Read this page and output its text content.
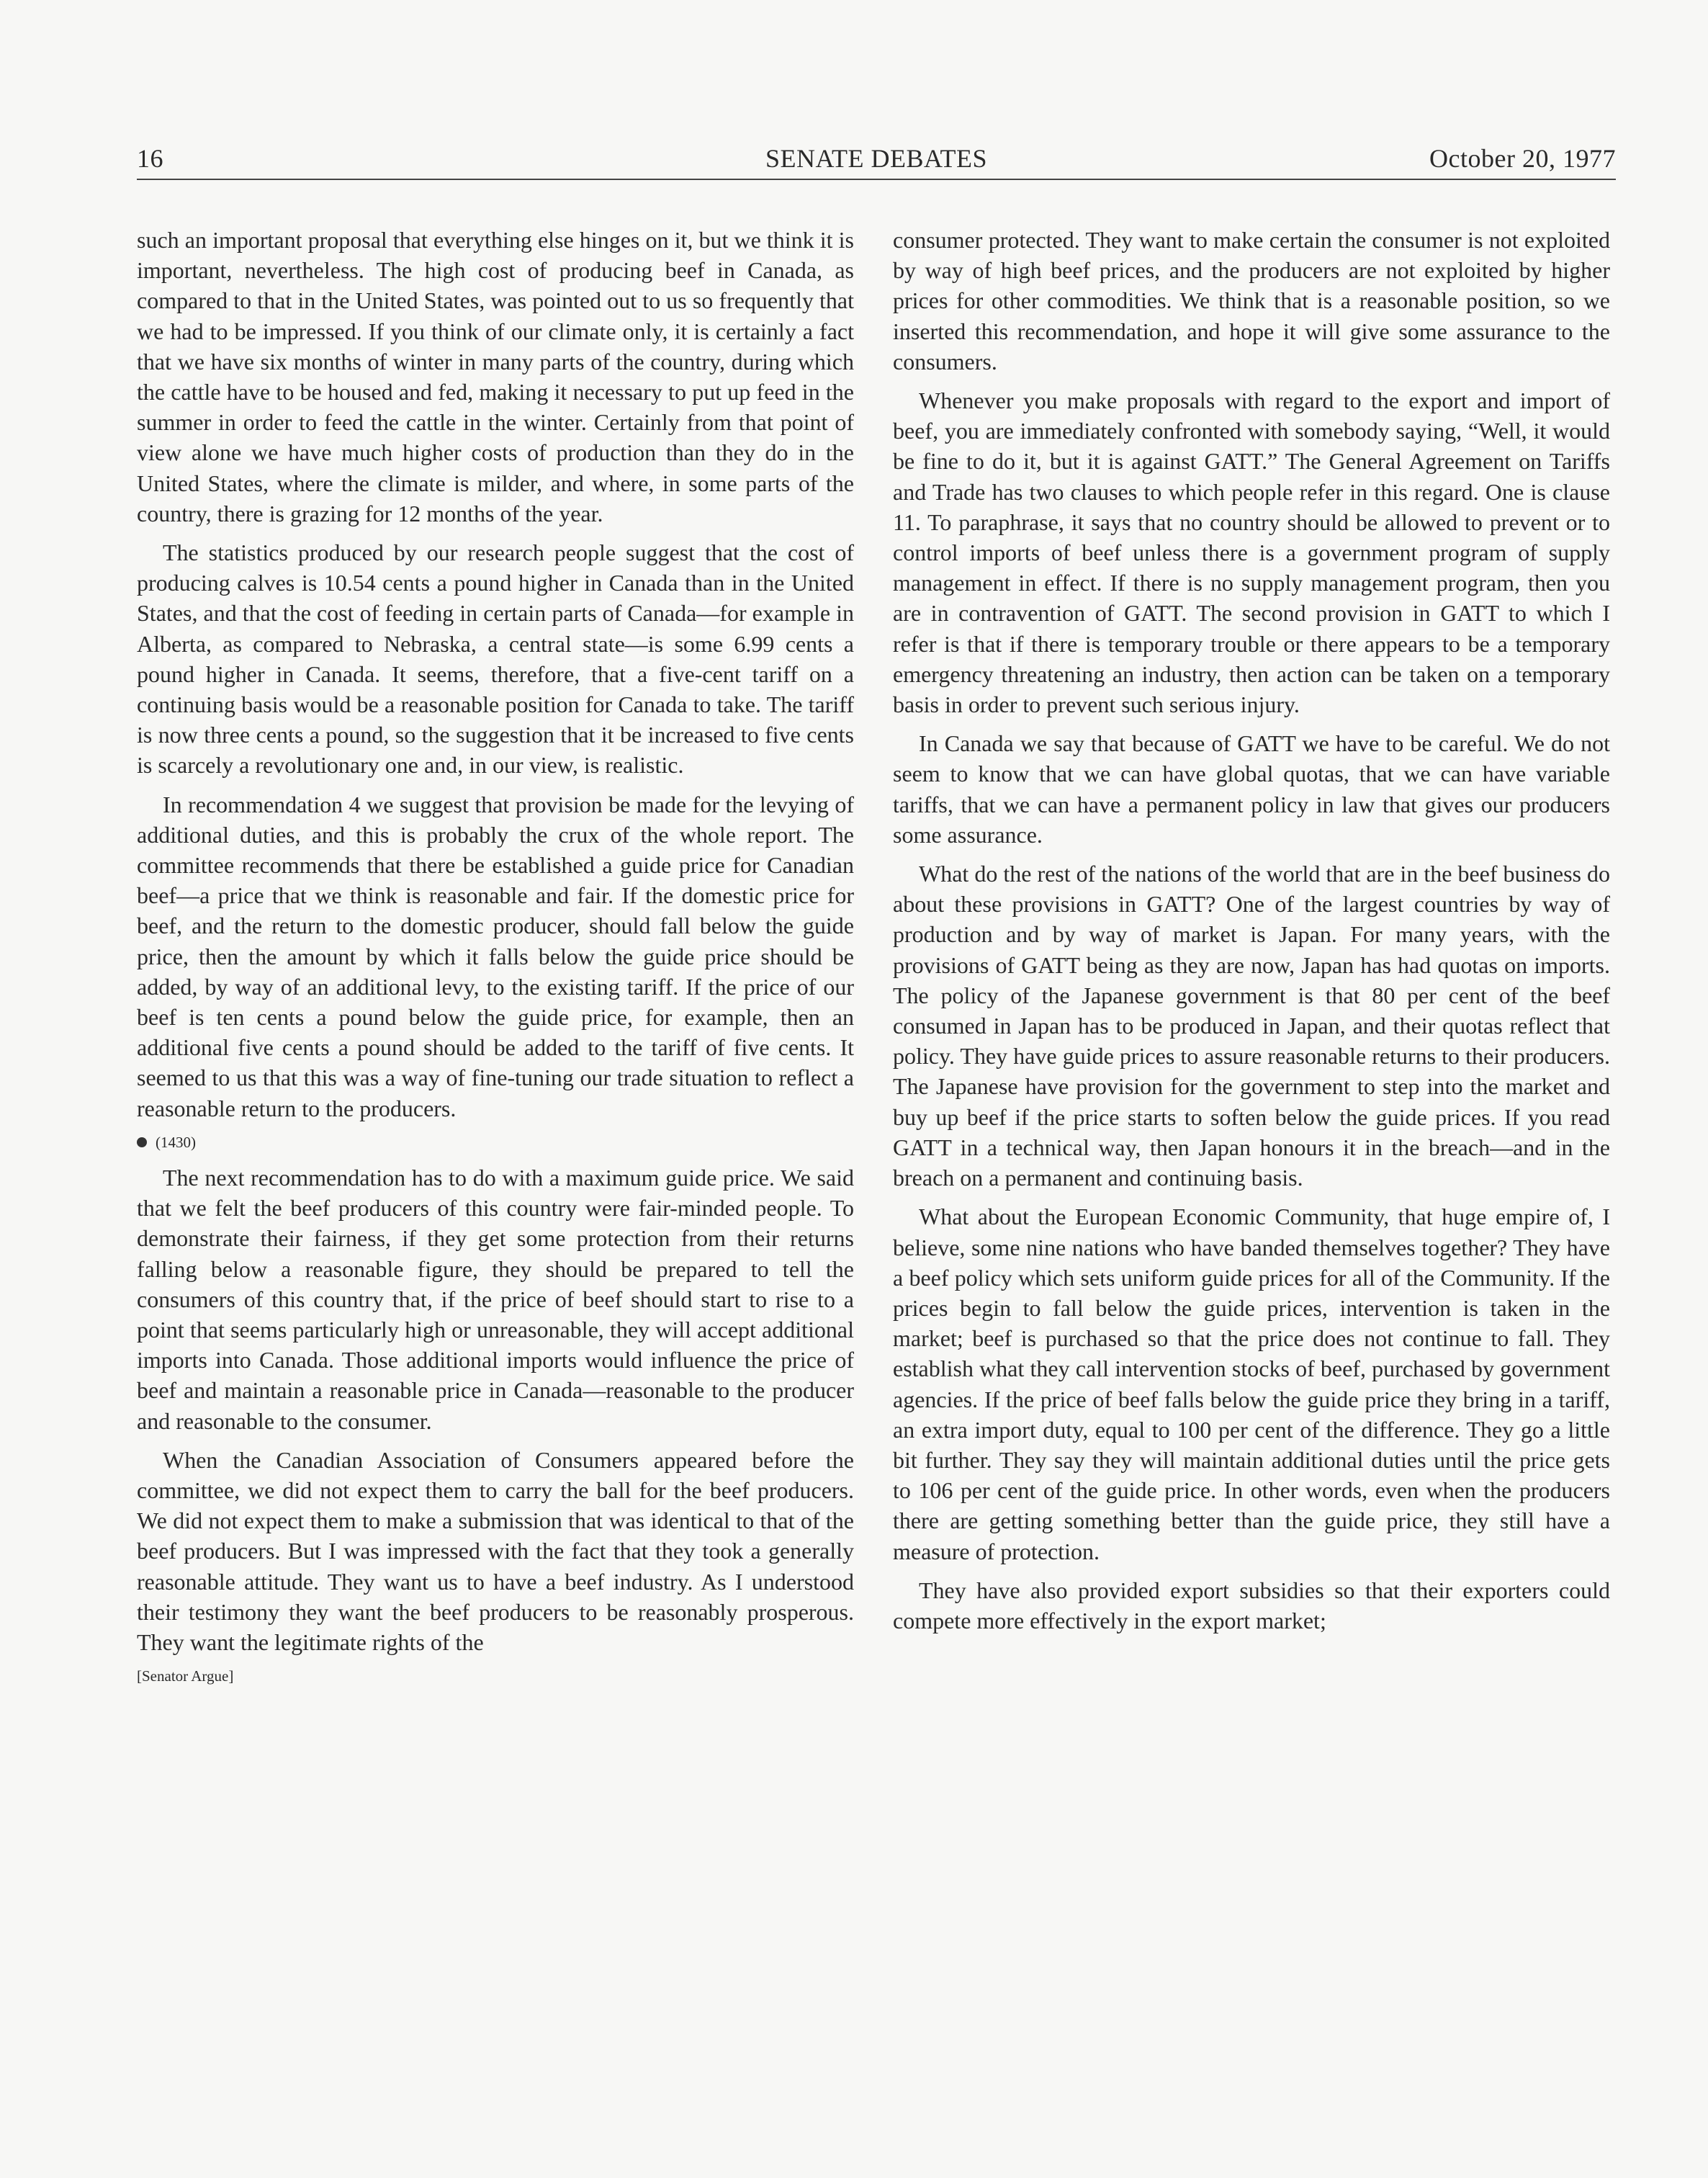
16	SENATE DEBATES	October 20, 1977

such an important proposal that everything else hinges on it, but we think it is important, nevertheless. The high cost of producing beef in Canada, as compared to that in the United States, was pointed out to us so frequently that we had to be impressed. If you think of our climate only, it is certainly a fact that we have six months of winter in many parts of the country, during which the cattle have to be housed and fed, making it necessary to put up feed in the summer in order to feed the cattle in the winter. Certainly from that point of view alone we have much higher costs of production than they do in the United States, where the climate is milder, and where, in some parts of the country, there is grazing for 12 months of the year.

The statistics produced by our research people suggest that the cost of producing calves is 10.54 cents a pound higher in Canada than in the United States, and that the cost of feeding in certain parts of Canada—for example in Alberta, as compared to Nebraska, a central state—is some 6.99 cents a pound higher in Canada. It seems, therefore, that a five-cent tariff on a continuing basis would be a reasonable position for Canada to take. The tariff is now three cents a pound, so the suggestion that it be increased to five cents is scarcely a revolutionary one and, in our view, is realistic.

In recommendation 4 we suggest that provision be made for the levying of additional duties, and this is probably the crux of the whole report. The committee recommends that there be established a guide price for Canadian beef—a price that we think is reasonable and fair. If the domestic price for beef, and the return to the domestic producer, should fall below the guide price, then the amount by which it falls below the guide price should be added, by way of an additional levy, to the existing tariff. If the price of our beef is ten cents a pound below the guide price, for example, then an additional five cents a pound should be added to the tariff of five cents. It seemed to us that this was a way of fine-tuning our trade situation to reflect a reasonable return to the producers.

(1430)

The next recommendation has to do with a maximum guide price. We said that we felt the beef producers of this country were fair-minded people. To demonstrate their fairness, if they get some protection from their returns falling below a reasonable figure, they should be prepared to tell the consumers of this country that, if the price of beef should start to rise to a point that seems particularly high or unreasonable, they will accept additional imports into Canada. Those additional imports would influence the price of beef and maintain a reasonable price in Canada—reasonable to the producer and reasonable to the consumer.

When the Canadian Association of Consumers appeared before the committee, we did not expect them to carry the ball for the beef producers. We did not expect them to make a submission that was identical to that of the beef producers. But I was impressed with the fact that they took a generally reasonable attitude. They want us to have a beef industry. As I understood their testimony they want the beef producers to be reasonably prosperous. They want the legitimate rights of the

[Senator Argue]

consumer protected. They want to make certain the consumer is not exploited by way of high beef prices, and the producers are not exploited by higher prices for other commodities. We think that is a reasonable position, so we inserted this recommendation, and hope it will give some assurance to the consumers.

Whenever you make proposals with regard to the export and import of beef, you are immediately confronted with somebody saying, “Well, it would be fine to do it, but it is against GATT.” The General Agreement on Tariffs and Trade has two clauses to which people refer in this regard. One is clause 11. To paraphrase, it says that no country should be allowed to prevent or to control imports of beef unless there is a government program of supply management in effect. If there is no supply management program, then you are in contravention of GATT. The second provision in GATT to which I refer is that if there is temporary trouble or there appears to be a temporary emergency threatening an industry, then action can be taken on a temporary basis in order to prevent such serious injury.

In Canada we say that because of GATT we have to be careful. We do not seem to know that we can have global quotas, that we can have variable tariffs, that we can have a permanent policy in law that gives our producers some assurance.

What do the rest of the nations of the world that are in the beef business do about these provisions in GATT? One of the largest countries by way of production and by way of market is Japan. For many years, with the provisions of GATT being as they are now, Japan has had quotas on imports. The policy of the Japanese government is that 80 per cent of the beef consumed in Japan has to be produced in Japan, and their quotas reflect that policy. They have guide prices to assure reasonable returns to their producers. The Japanese have provision for the government to step into the market and buy up beef if the price starts to soften below the guide prices. If you read GATT in a technical way, then Japan honours it in the breach—and in the breach on a permanent and continuing basis.

What about the European Economic Community, that huge empire of, I believe, some nine nations who have banded themselves together? They have a beef policy which sets uniform guide prices for all of the Community. If the prices begin to fall below the guide prices, intervention is taken in the market; beef is purchased so that the price does not continue to fall. They establish what they call intervention stocks of beef, purchased by government agencies. If the price of beef falls below the guide price they bring in a tariff, an extra import duty, equal to 100 per cent of the difference. They go a little bit further. They say they will maintain additional duties until the price gets to 106 per cent of the guide price. In other words, even when the producers there are getting something better than the guide price, they still have a measure of protection.

They have also provided export subsidies so that their exporters could compete more effectively in the export market;
